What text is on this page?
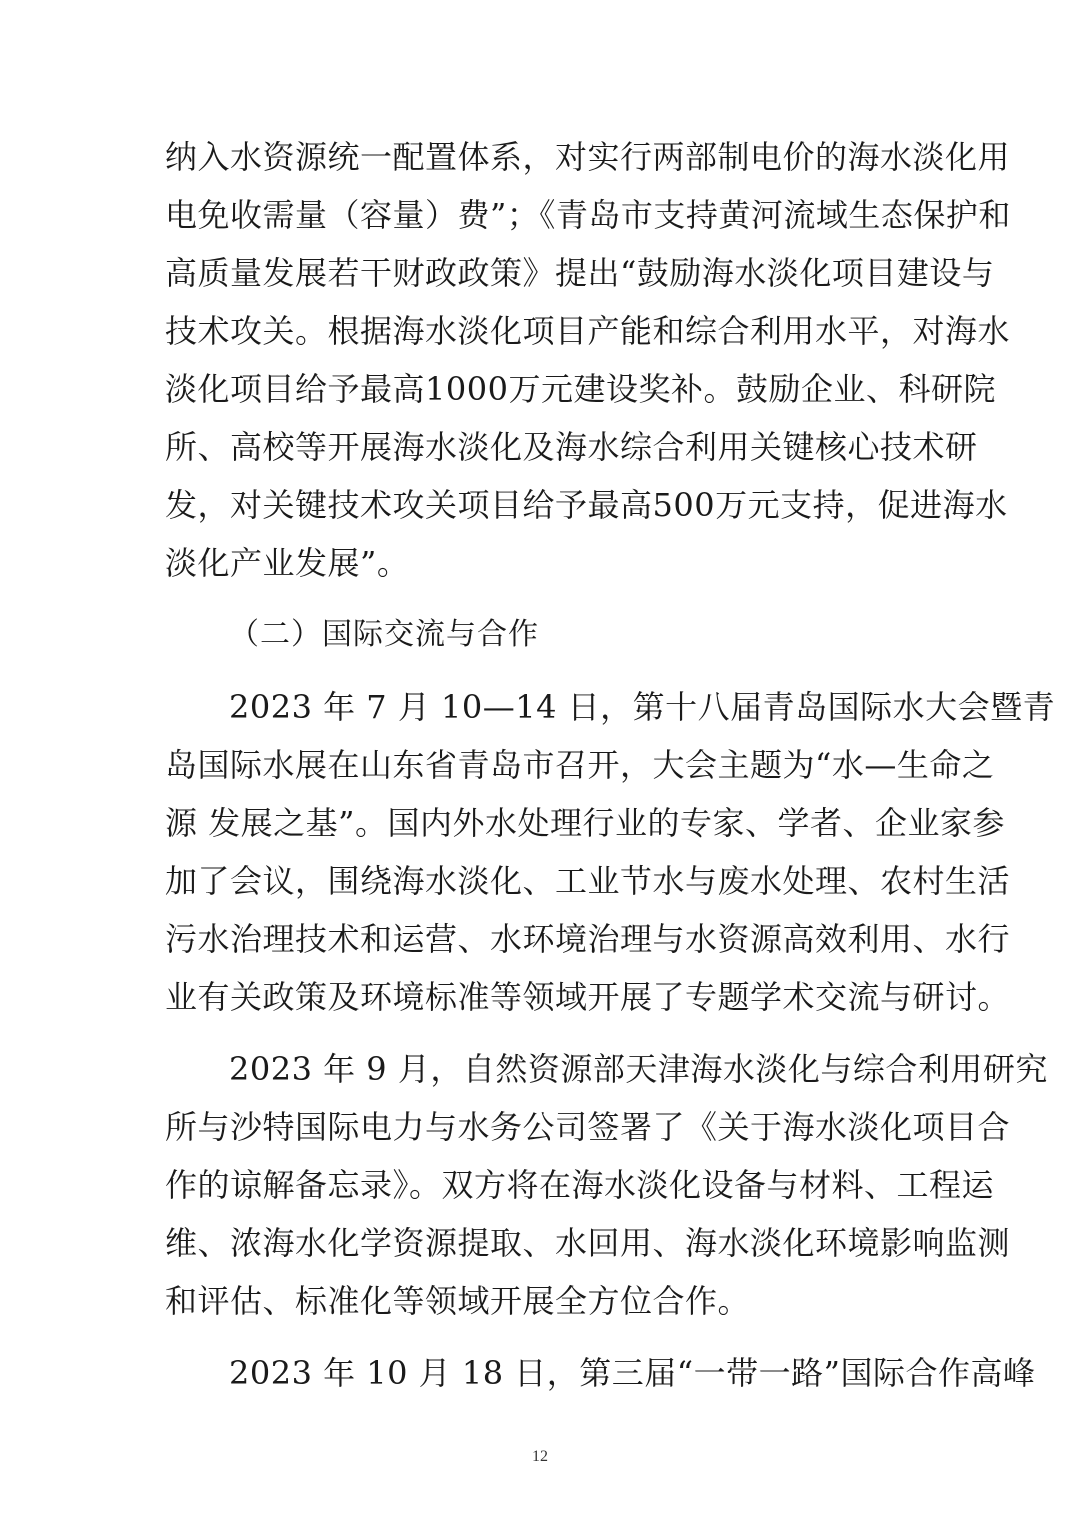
纳入水资源统一配置体系，对实行两部制电价的海水淡化用
电免收需量（容量）费”；《青岛市支持黄河流域生态保护和
高质量发展若干财政政策》提出“鼓励海水淡化项目建设与
技术攻关。根据海水淡化项目产能和综合利用水平，对海水
淡化项目给予最高1000万元建设奖补。鼓励企业、科研院
所、高校等开展海水淡化及海水综合利用关键核心技术研
发，对关键技术攻关项目给予最高500万元支持，促进海水
淡化产业发展”。
（二）国际交流与合作
2023 年 7 月 10—14 日，第十八届青岛国际水大会暨青
岛国际水展在山东省青岛市召开，大会主题为“水—生命之
源 发展之基”。国内外水处理行业的专家、学者、企业家参
加了会议，围绕海水淡化、工业节水与废水处理、农村生活
污水治理技术和运营、水环境治理与水资源高效利用、水行
业有关政策及环境标准等领域开展了专题学术交流与研讨。
2023 年 9 月，自然资源部天津海水淡化与综合利用研究
所与沙特国际电力与水务公司签署了《关于海水淡化项目合
作的谅解备忘录》。双方将在海水淡化设备与材料、工程运
维、浓海水化学资源提取、水回用、海水淡化环境影响监测
和评估、标准化等领域开展全方位合作。
2023 年 10 月 18 日，第三届“一带一路”国际合作高峰
12
